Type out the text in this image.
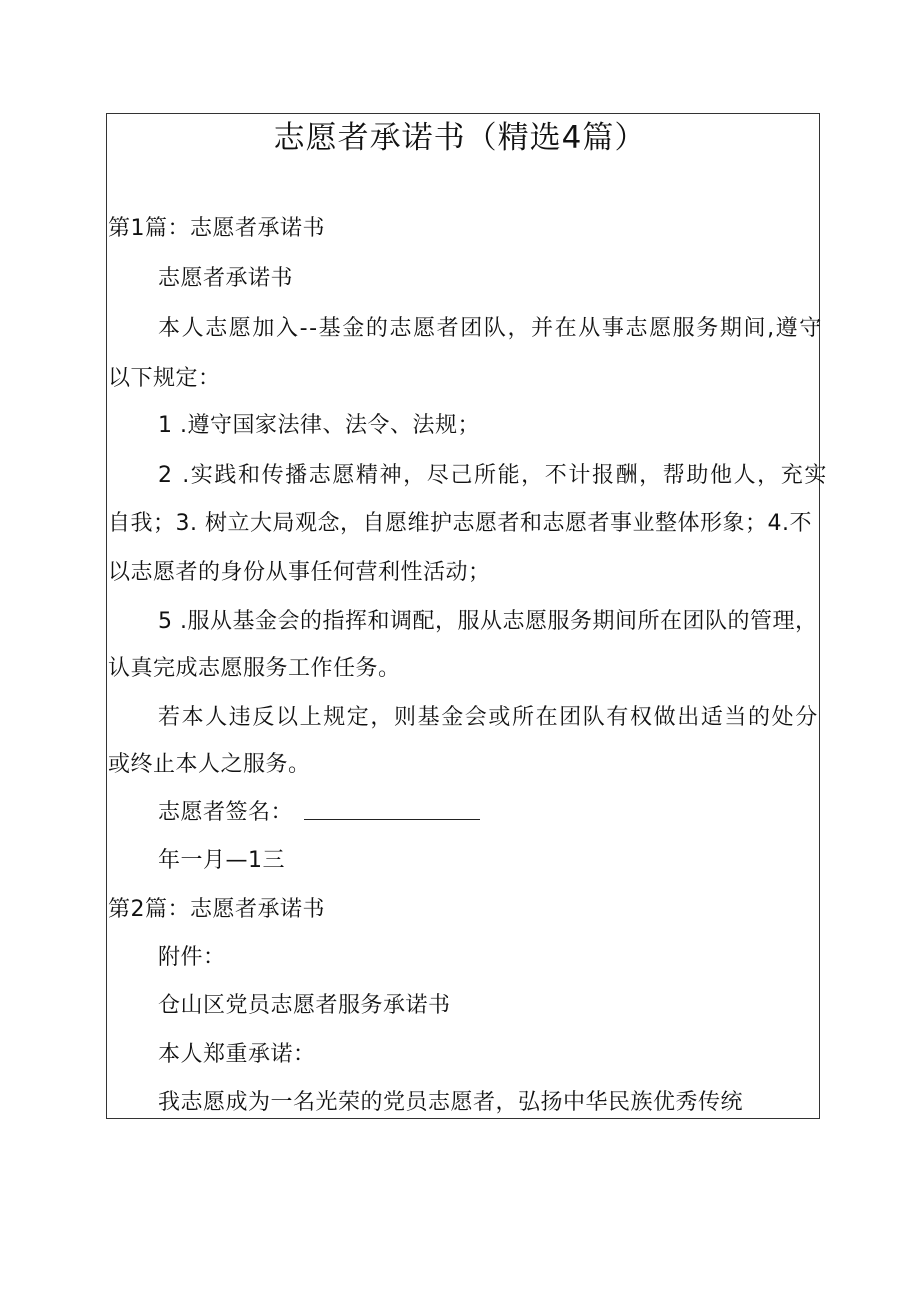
志愿者承诺书（精选4篇）
第1篇：志愿者承诺书
志愿者承诺书
本人志愿加入--基金的志愿者团队，并在从事志愿服务期间,遵守
以下规定：
1 .遵守国家法律、法令、法规；
2 .实践和传播志愿精神，尽己所能，不计报酬，帮助他人，充实
自我；3. 树立大局观念，自愿维护志愿者和志愿者事业整体形象；4.不
以志愿者的身份从事任何营利性活动；
5 .服从基金会的指挥和调配，服从志愿服务期间所在团队的管理，
认真完成志愿服务工作任务。
若本人违反以上规定，则基金会或所在团队有权做出适当的处分
或终止本人之服务。
志愿者签名：
年一月—1三
第2篇：志愿者承诺书
附件：
仓山区党员志愿者服务承诺书
本人郑重承诺：
我志愿成为一名光荣的党员志愿者，弘扬中华民族优秀传统
